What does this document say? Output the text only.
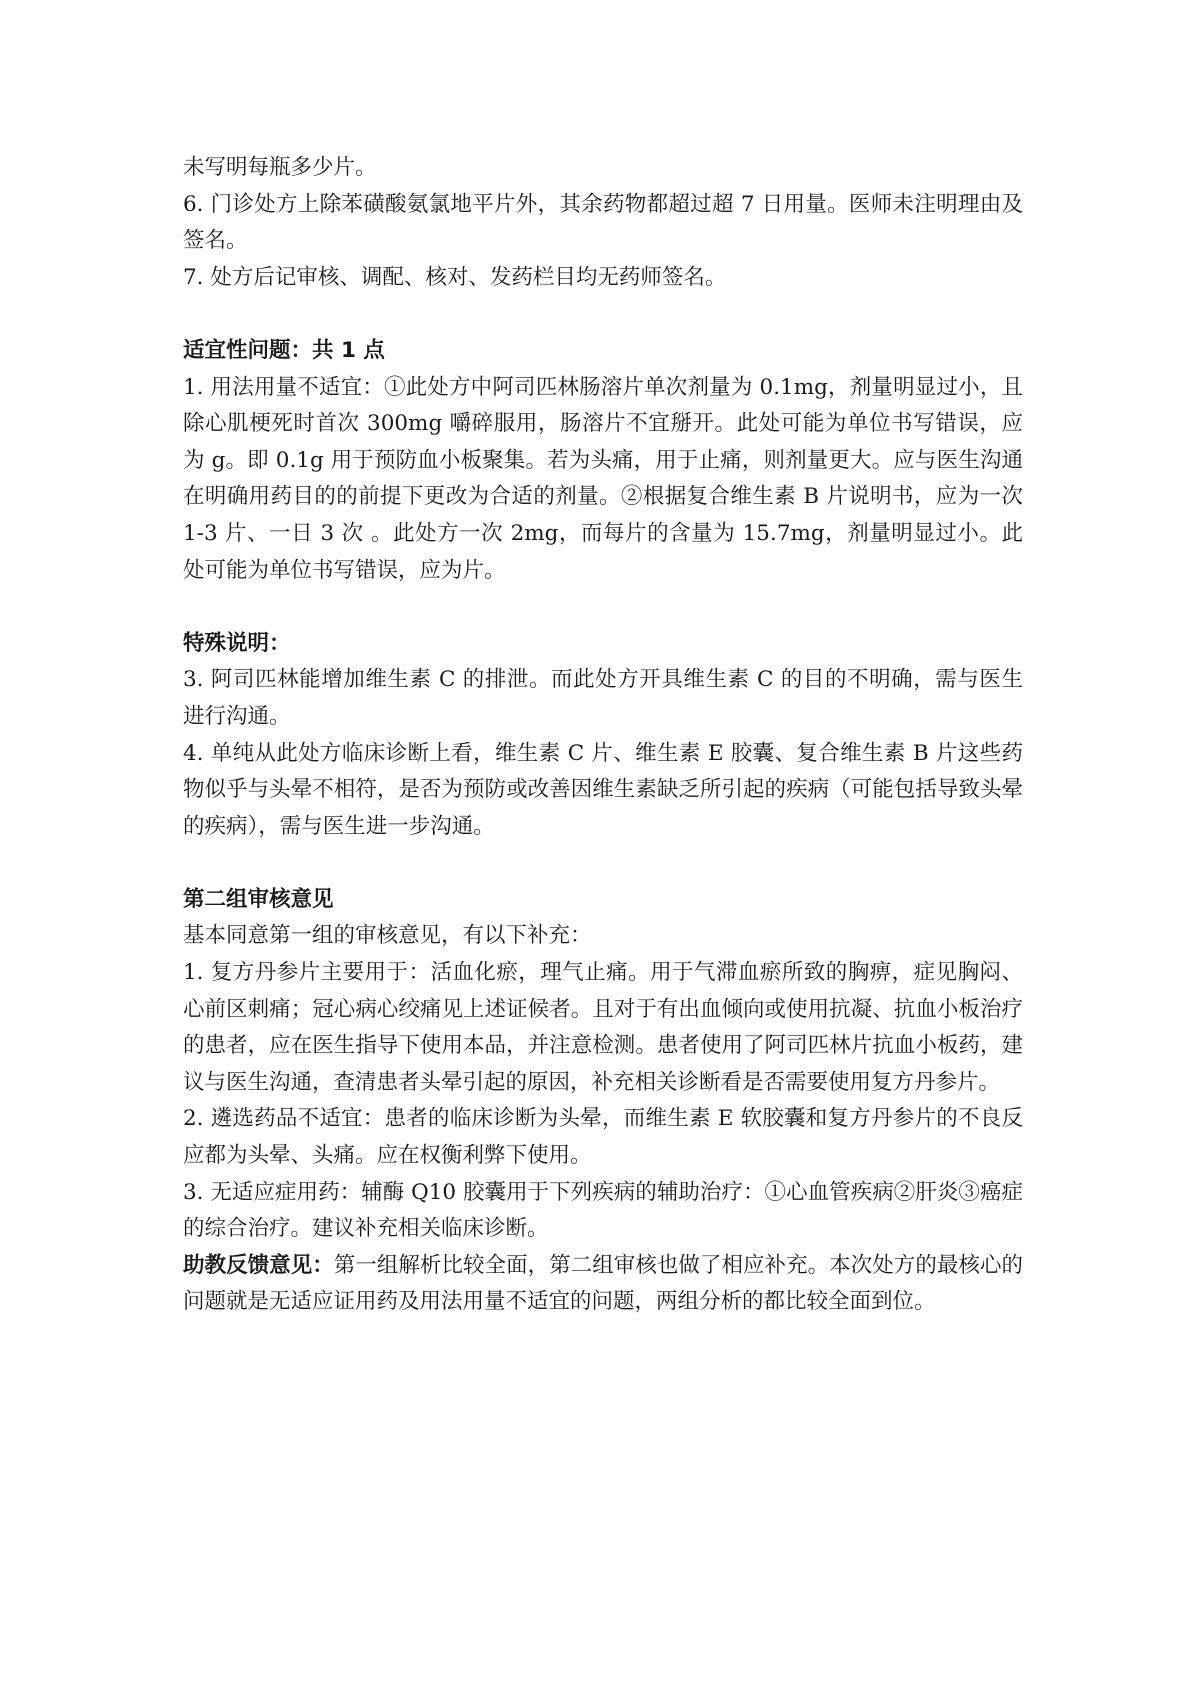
未写明每瓶多少片。

6. 门诊处方上除苯磺酸氨氯地平片外，其余药物都超过超 7 日用量。医师未注明理由及签名。

7. 处方后记审核、调配、核对、发药栏目均无药师签名。

适宜性问题：共 1 点

1. 用法用量不适宜：①此处方中阿司匹林肠溶片单次剂量为 0.1mg，剂量明显过小，且除心肌梗死时首次 300mg 嚼碎服用，肠溶片不宜掰开。此处可能为单位书写错误，应为 g。即 0.1g 用于预防血小板聚集。若为头痛，用于止痛，则剂量更大。应与医生沟通在明确用药目的的前提下更改为合适的剂量。②根据复合维生素 B 片说明书，应为一次 1-3 片、一日 3 次 。此处方一次 2mg，而每片的含量为 15.7mg，剂量明显过小。此处可能为单位书写错误，应为片。

特殊说明：

3. 阿司匹林能增加维生素 C 的排泄。而此处方开具维生素 C 的目的不明确，需与医生进行沟通。

4. 单纯从此处方临床诊断上看，维生素 C 片、维生素 E 胶囊、复合维生素 B 片这些药物似乎与头晕不相符，是否为预防或改善因维生素缺乏所引起的疾病（可能包括导致头晕的疾病），需与医生进一步沟通。

第二组审核意见

基本同意第一组的审核意见，有以下补充：

1. 复方丹参片主要用于：活血化瘀，理气止痛。用于气滞血瘀所致的胸痹，症见胸闷、心前区刺痛；冠心病心绞痛见上述证候者。且对于有出血倾向或使用抗凝、抗血小板治疗的患者，应在医生指导下使用本品，并注意检测。患者使用了阿司匹林片抗血小板药，建议与医生沟通，查清患者头晕引起的原因，补充相关诊断看是否需要使用复方丹参片。

2. 遴选药品不适宜：患者的临床诊断为头晕，而维生素 E 软胶囊和复方丹参片的不良反应都为头晕、头痛。应在权衡利弊下使用。

3. 无适应症用药：辅酶 Q10 胶囊用于下列疾病的辅助治疗：①心血管疾病②肝炎③癌症的综合治疗。建议补充相关临床诊断。

助教反馈意见：第一组解析比较全面，第二组审核也做了相应补充。本次处方的最核心的问题就是无适应证用药及用法用量不适宜的问题，两组分析的都比较全面到位。
